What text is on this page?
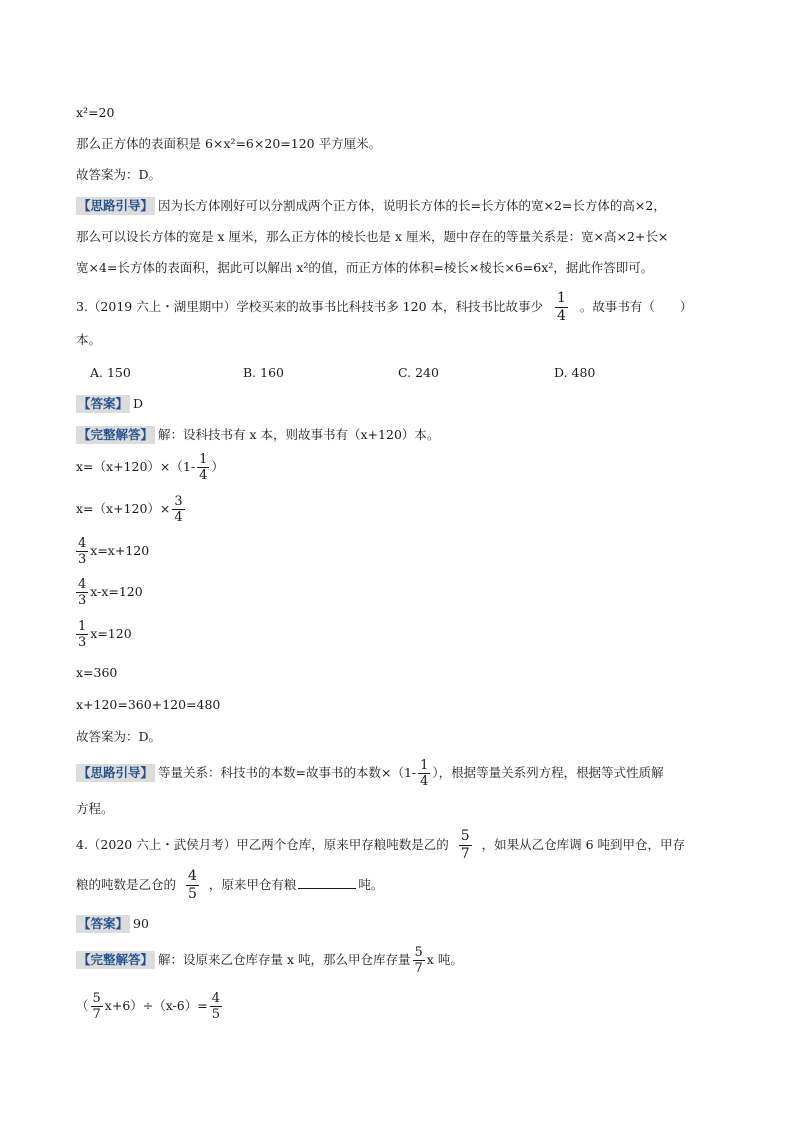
x²=20
那么正方体的表面积是 6×x²=6×20=120 平方厘米。
故答案为：D。
【思路引导】 因为长方体刚好可以分割成两个正方体，说明长方体的长=长方体的宽×2=长方体的高×2，
那么可以设长方体的宽是 x 厘米，那么正方体的棱长也是 x 厘米，题中存在的等量关系是：宽×高×2+长×
宽×4=长方体的表面积，据此可以解出 x²的值，而正方体的体积=棱长×棱长×6=6x²，据此作答即可。
3.（2019 六上・湖里期中）学校买来的故事书比科技书多 120 本，科技书比故事少 $\frac{1}{4}$ 。故事书有（　　）
本。
A. 150	B. 160	C. 240	D. 480
【答案】 D
【完整解答】 解：设科技书有 x 本，则故事书有（x+120）本。
$x=(x+120)\times(1- \frac{1}{4}$ ）
$x=(x+120)\times \frac{3}{4}$
$\frac{4}{3} x=x+120$
$\frac{4}{3} x-x=120$
$\frac{1}{3} x=120$
x=360
x+120=360+120=480
故答案为：D。
【思路引导】 等量关系：科技书的本数=故事书的本数$\times(1- \frac{1}{4}$ ），根据等量关系列方程，根据等式性质解
方程。
4.（2020 六上・武侯月考）甲乙两个仓库，原来甲存粮吨数是乙的 $\frac{5}{7}$ ，如果从乙仓库调 6 吨到甲仓，甲存
粮的吨数是乙仓的 $\frac{4}{5}$ ，原来甲仓有粮	吨。
【答案】 90
【完整解答】 解：设原来乙仓库存量 x 吨，那么甲仓库存量 $\frac{5}{7}$ x 吨。
（ $\frac{5}{7} x+6)\div(x-6)= \frac{4}{5}$
